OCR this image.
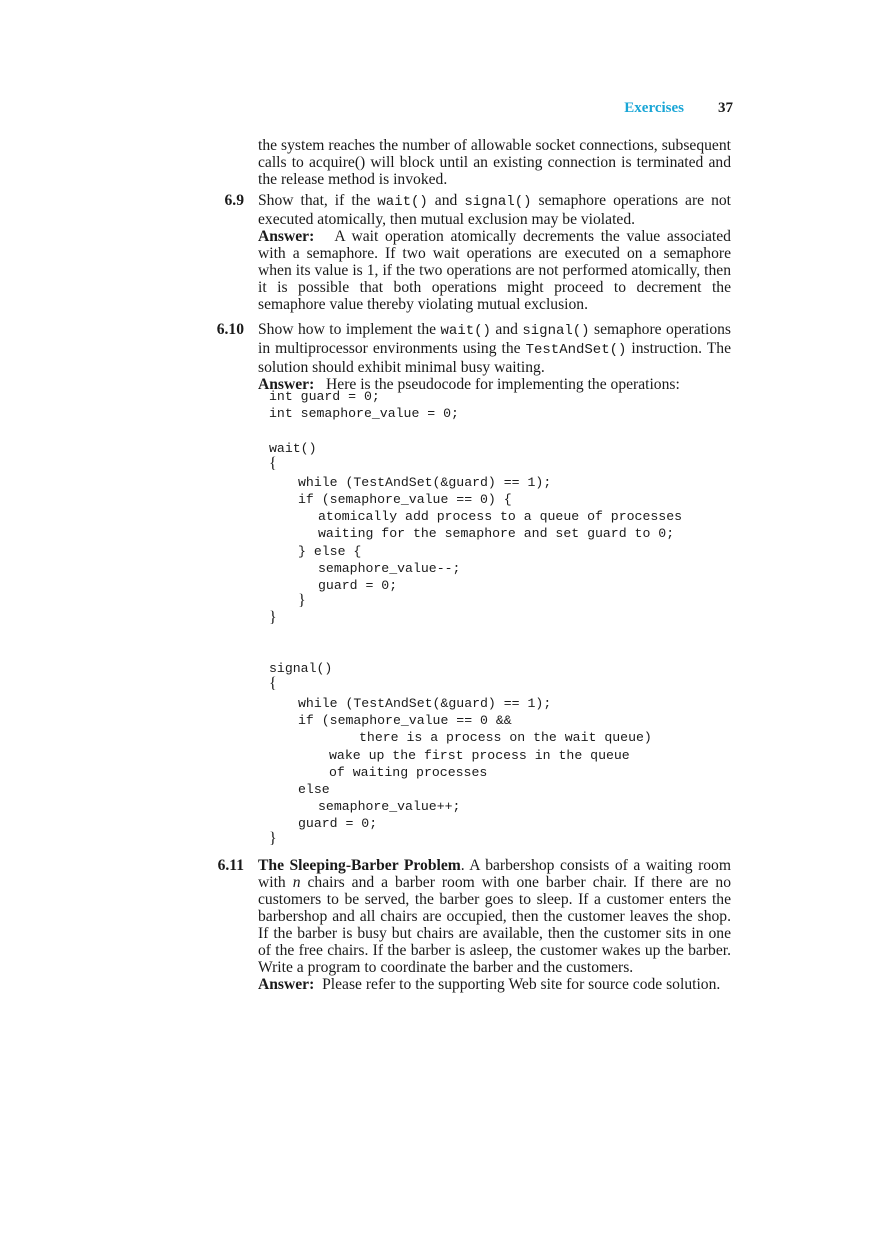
Exercises 37
the system reaches the number of allowable socket connections, subsequent calls to acquire() will block until an existing connection is terminated and the release method is invoked.
6.9 Show that, if the wait() and signal() semaphore operations are not executed atomically, then mutual exclusion may be violated.
Answer: A wait operation atomically decrements the value associated with a semaphore. If two wait operations are executed on a semaphore when its value is 1, if the two operations are not performed atomically, then it is possible that both operations might proceed to decrement the semaphore value thereby violating mutual exclusion.
6.10 Show how to implement the wait() and signal() semaphore operations in multiprocessor environments using the TestAndSet() instruction. The solution should exhibit minimal busy waiting.
Answer: Here is the pseudocode for implementing the operations:

int guard = 0;

int semaphore_value = 0;

wait()

{

while (TestAndSet(&guard) == 1);

if (semaphore_value == 0) {

atomically add process to a queue of processes

waiting for the semaphore and set guard to 0;

} else {

semaphore_value--;

guard = 0;

}

}

signal()

{

while (TestAndSet(&guard) == 1);

if (semaphore_value == 0 &&

there is a process on the wait queue)

wake up the first process in the queue

of waiting processes

else

semaphore_value++;

guard = 0;

}

6.11 The Sleeping-Barber Problem. A barbershop consists of a waiting room with n chairs and a barber room with one barber chair. If there are no customers to be served, the barber goes to sleep. If a customer enters the barbershop and all chairs are occupied, then the customer leaves the shop. If the barber is busy but chairs are available, then the customer sits in one of the free chairs. If the barber is asleep, the customer wakes up the barber. Write a program to coordinate the barber and the customers.
Answer: Please refer to the supporting Web site for source code solution.
